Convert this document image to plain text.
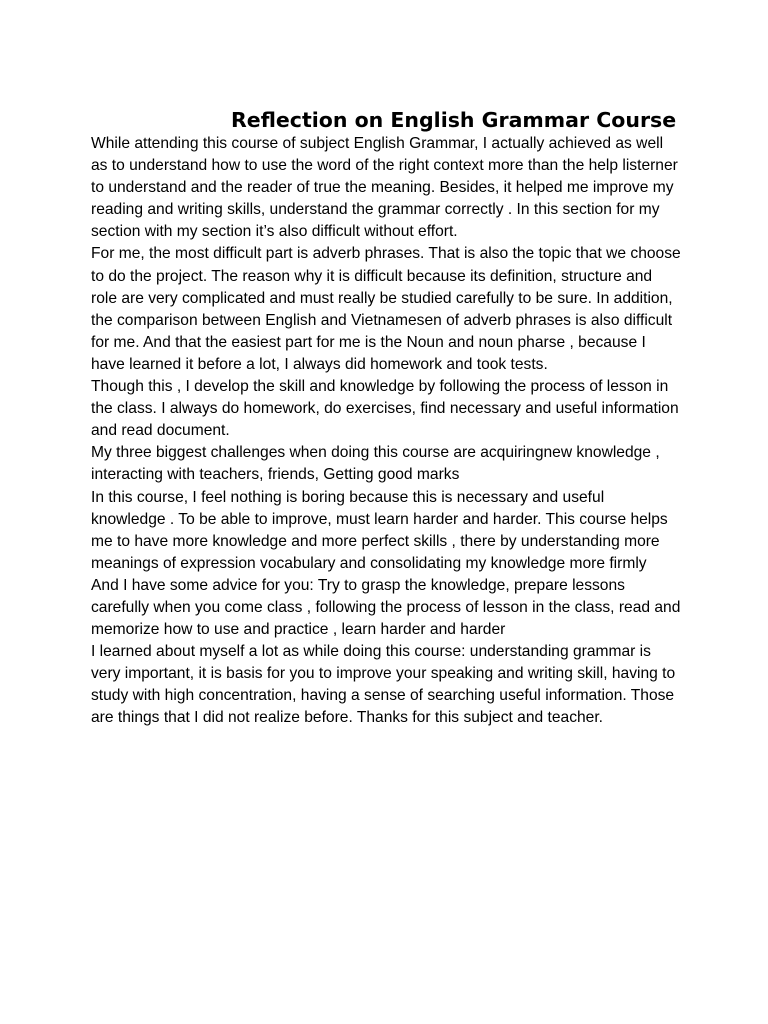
Reflection on English Grammar Course

While attending this course of subject English Grammar, I actually achieved as well as to understand how to use the word of the right context more than the help listerner to understand and the reader of true the meaning. Besides, it helped me improve my reading and writing skills, understand the grammar correctly . In this section for my section with my section it’s also difficult without effort.

For me, the most difficult part is adverb phrases. That is also the topic that we choose to do the project. The reason why it is difficult because its definition, structure and role are very complicated and must really be studied carefully to be sure. In addition, the comparison between English and Vietnamesen of adverb phrases is also difficult for me. And that the easiest part for me is the Noun and noun pharse , because I have learned it before a lot, I always did homework and took tests.

Though this , I develop the skill and knowledge by following the process of lesson in the class. I always do homework, do exercises, find necessary and useful information and read document.

My three biggest challenges when doing this course are acquiringnew knowledge , interacting with teachers, friends, Getting good marks

In this course, I feel nothing is boring because this is necessary and useful knowledge . To be able to improve, must learn harder and harder. This course helps me to have more knowledge and more perfect skills , there by understanding more meanings of expression vocabulary and consolidating my knowledge more firmly

And I have some advice for you: Try to grasp the knowledge, prepare lessons carefully when you come class , following the process of lesson in the class, read and memorize how to use and practice , learn harder and harder

I learned about myself a lot as while doing this course: understanding grammar is very important, it is basis for you to improve your speaking and writing skill, having to study with high concentration, having a sense of searching useful information. Those are things that I did not realize before. Thanks for this subject and teacher.
